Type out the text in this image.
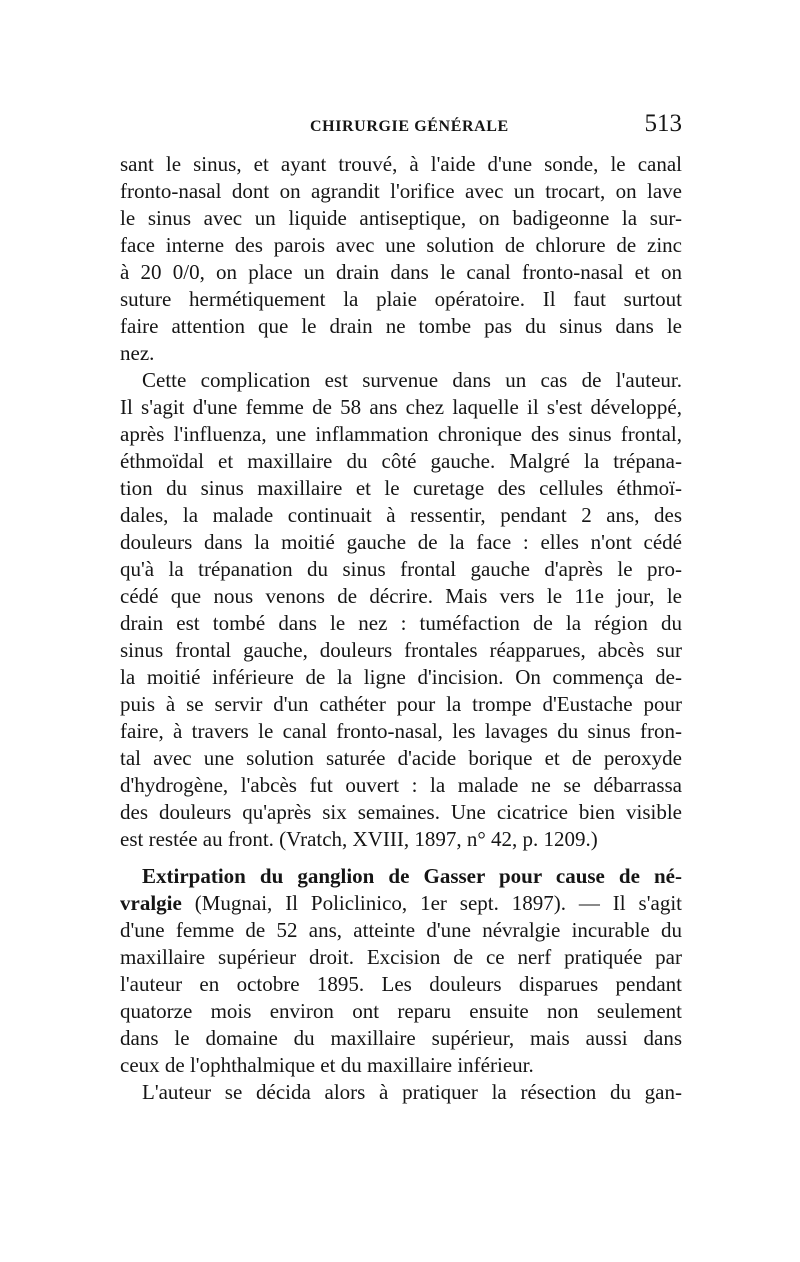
CHIRURGIE GÉNÉRALE	513
sant le sinus, et ayant trouvé, à l'aide d'une sonde, le canal
fronto-nasal dont on agrandit l'orifice avec un trocart, on lave
le sinus avec un liquide antiseptique, on badigeonne la sur-
face interne des parois avec une solution de chlorure de zinc
à 20 0/0, on place un drain dans le canal fronto-nasal et on
suture hermétiquement la plaie opératoire. Il faut surtout
faire attention que le drain ne tombe pas du sinus dans le
nez.
Cette complication est survenue dans un cas de l'auteur.
Il s'agit d'une femme de 58 ans chez laquelle il s'est développé,
après l'influenza, une inflammation chronique des sinus frontal,
éthmoïdal et maxillaire du côté gauche. Malgré la trépana-
tion du sinus maxillaire et le curetage des cellules éthmoï-
dales, la malade continuait à ressentir, pendant 2 ans, des
douleurs dans la moitié gauche de la face : elles n'ont cédé
qu'à la trépanation du sinus frontal gauche d'après le pro-
cédé que nous venons de décrire. Mais vers le 11e jour, le
drain est tombé dans le nez : tuméfaction de la région du
sinus frontal gauche, douleurs frontales réapparues, abcès sur
la moitié inférieure de la ligne d'incision. On commença de-
puis à se servir d'un cathéter pour la trompe d'Eustache pour
faire, à travers le canal fronto-nasal, les lavages du sinus fron-
tal avec une solution saturée d'acide borique et de peroxyde
d'hydrogène, l'abcès fut ouvert : la malade ne se débarrassa
des douleurs qu'après six semaines. Une cicatrice bien visible
est restée au front. (Vratch, XVIII, 1897, n° 42, p. 1209.)
Extirpation du ganglion de Gasser pour cause de né-
vralgie (Mugnai, Il Policlinico, 1er sept. 1897). — Il s'agit
d'une femme de 52 ans, atteinte d'une névralgie incurable du
maxillaire supérieur droit. Excision de ce nerf pratiquée par
l'auteur en octobre 1895. Les douleurs disparues pendant
quatorze mois environ ont reparu ensuite non seulement
dans le domaine du maxillaire supérieur, mais aussi dans
ceux de l'ophthalmique et du maxillaire inférieur.
L'auteur se décida alors à pratiquer la résection du gan-
